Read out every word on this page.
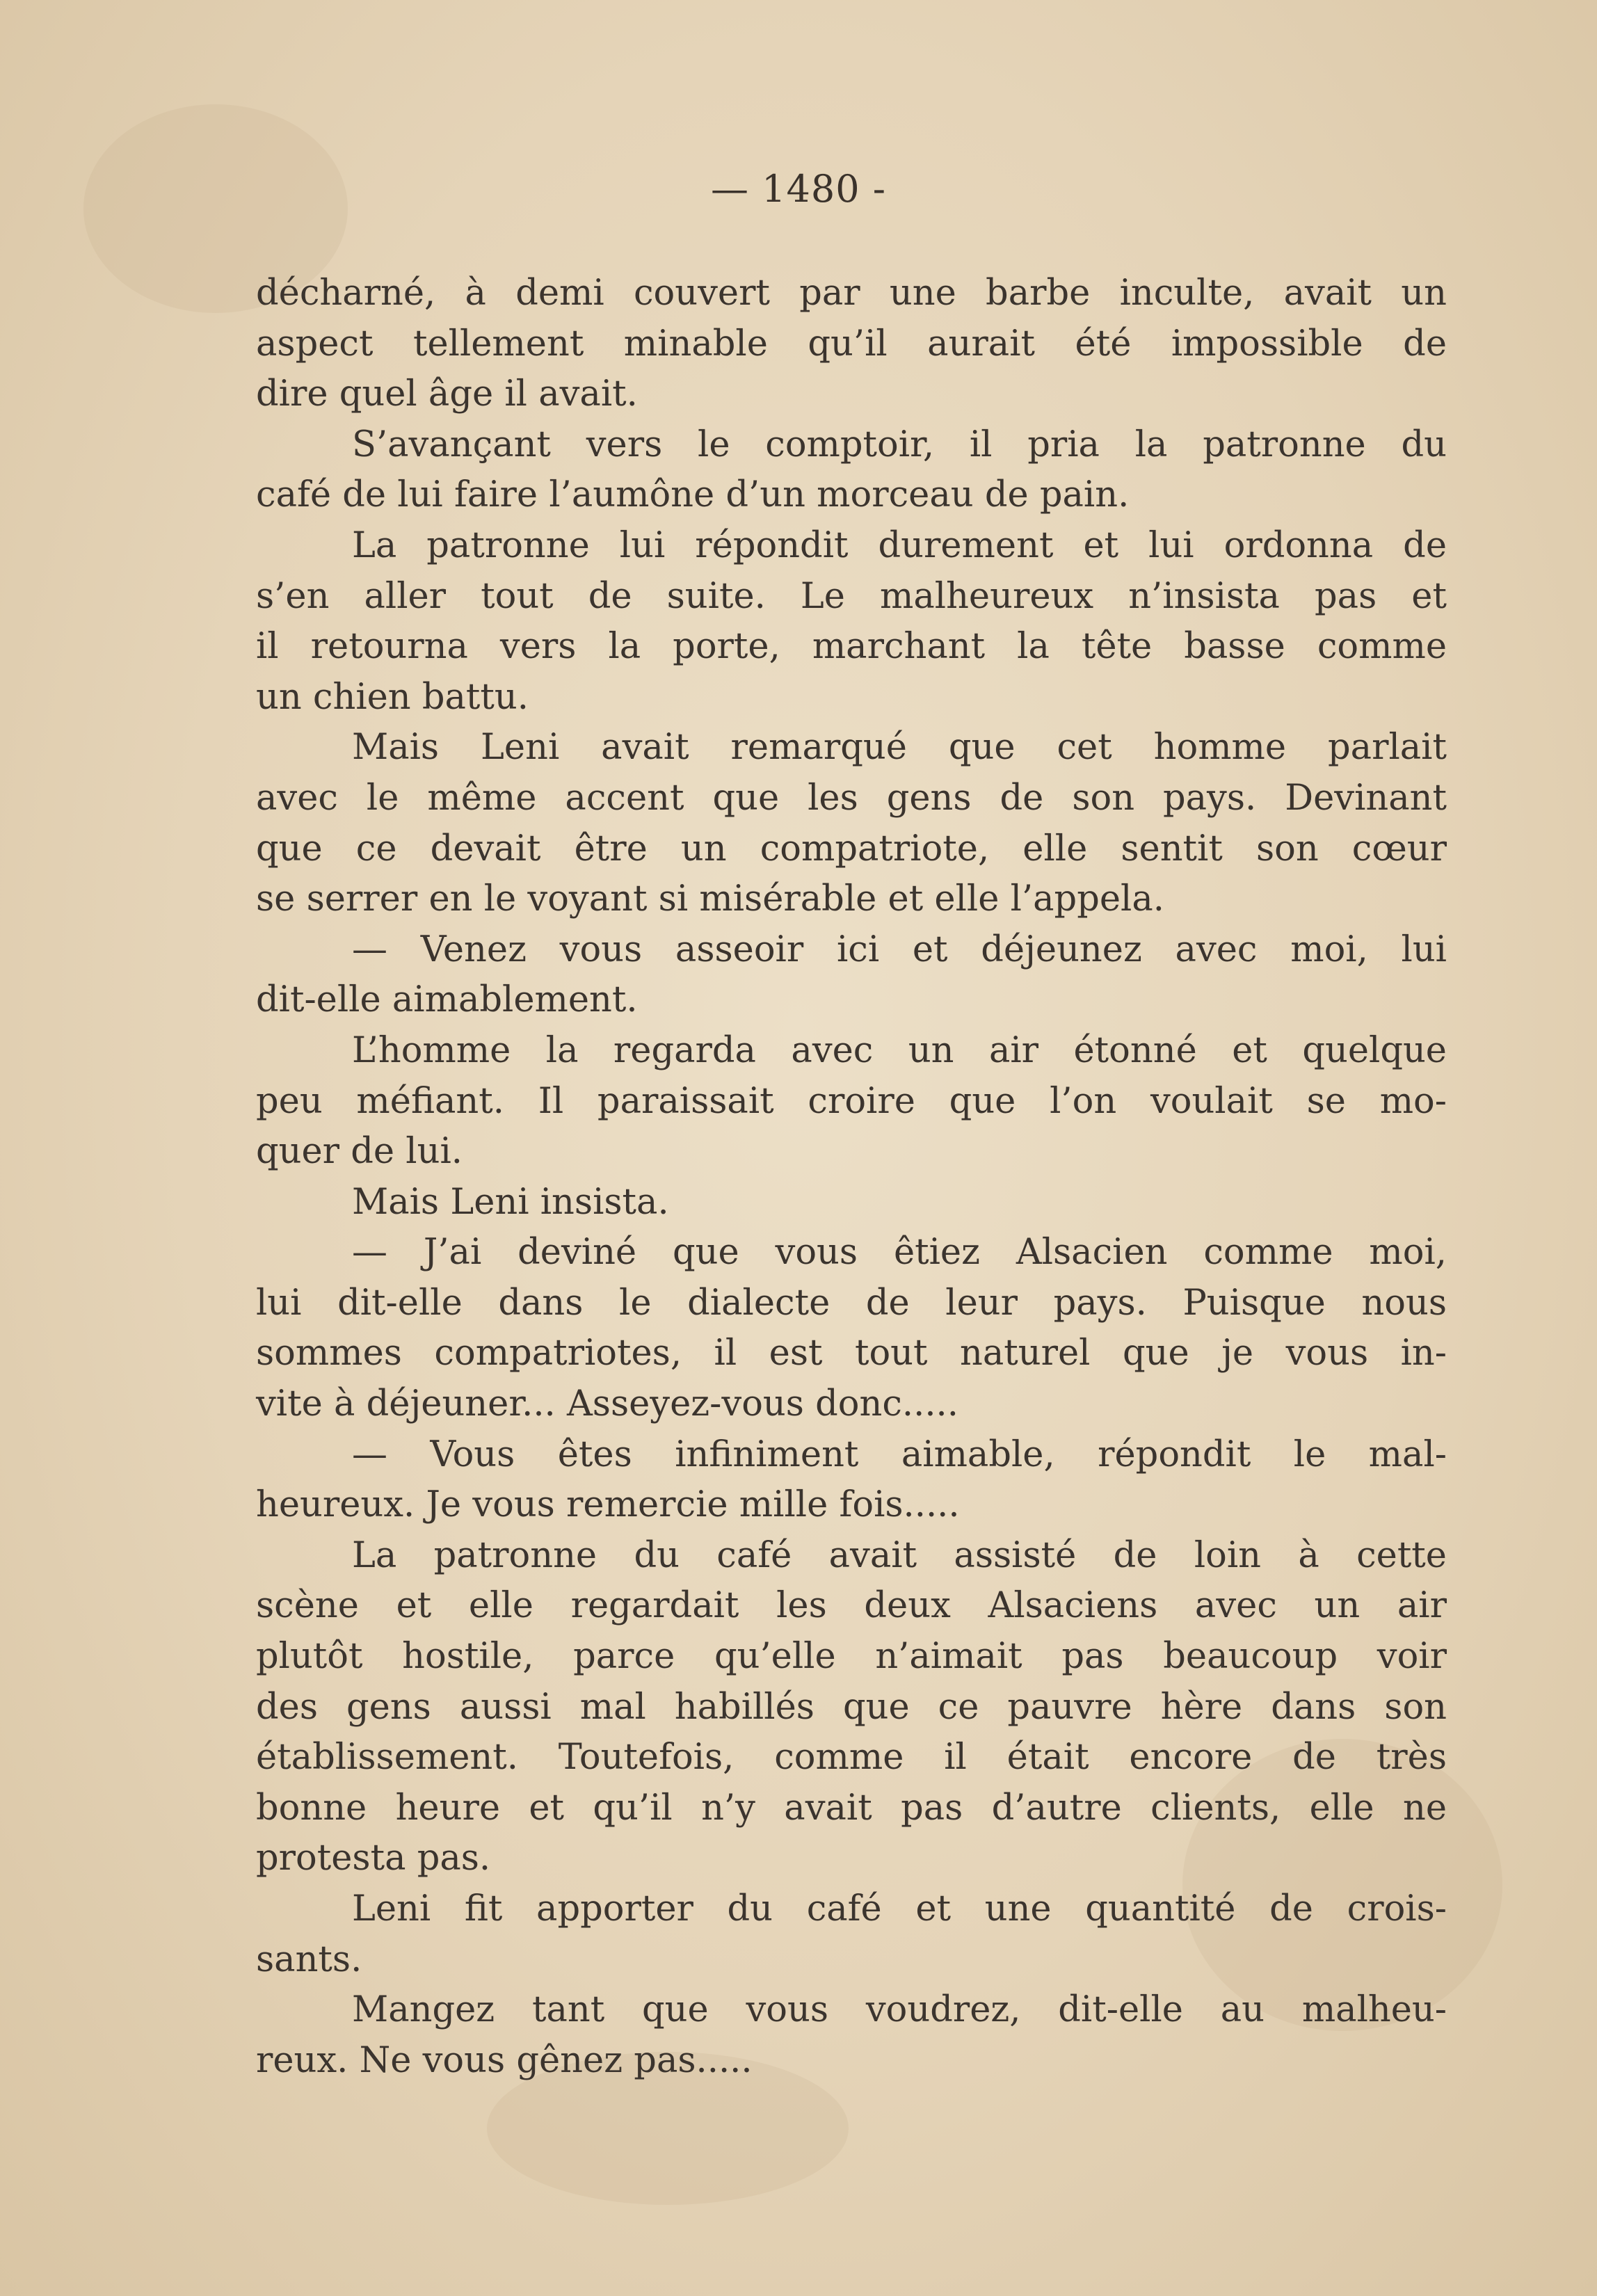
— 1480 -
décharné, à demi couvert par une barbe inculte, avait un
aspect tellement minable qu’il aurait été impossible de
dire quel âge il avait.
S’avançant vers le comptoir, il pria la patronne du
café de lui faire l’aumône d’un morceau de pain.
La patronne lui répondit durement et lui ordonna de
s’en aller tout de suite. Le malheureux n’insista pas et
il retourna vers la porte, marchant la tête basse comme
un chien battu.
Mais Leni avait remarqué que cet homme parlait
avec le même accent que les gens de son pays. Devinant
que ce devait être un compatriote, elle sentit son cœur
se serrer en le voyant si misérable et elle l’appela.
— Venez vous asseoir ici et déjeunez avec moi, lui
dit-elle aimablement.
L’homme la regarda avec un air étonné et quelque
peu méfiant. Il paraissait croire que l’on voulait se mo-
quer de lui.
Mais Leni insista.
— J’ai deviné que vous êtiez Alsacien comme moi,
lui dit-elle dans le dialecte de leur pays. Puisque nous
sommes compatriotes, il est tout naturel que je vous in-
vite à déjeuner... Asseyez-vous donc.....
— Vous êtes infiniment aimable, répondit le mal-
heureux. Je vous remercie mille fois.....
La patronne du café avait assisté de loin à cette
scène et elle regardait les deux Alsaciens avec un air
plutôt hostile, parce qu’elle n’aimait pas beaucoup voir
des gens aussi mal habillés que ce pauvre hère dans son
établissement. Toutefois, comme il était encore de très
bonne heure et qu’il n’y avait pas d’autre clients, elle ne
protesta pas.
Leni fit apporter du café et une quantité de crois-
sants.
Mangez tant que vous voudrez, dit-elle au malheu-
reux. Ne vous gênez pas.....
